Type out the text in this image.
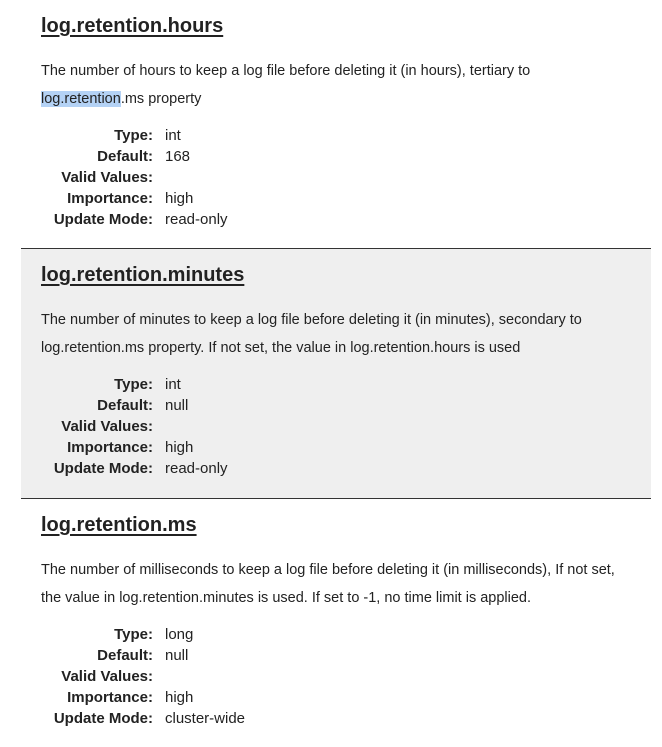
log.retention.hours

The number of hours to keep a log file before deleting it (in hours), tertiary to log.retention.ms property

Type:	int
Default:	168
Valid Values:	
Importance:	high
Update Mode:	read-only
log.retention.minutes

The number of minutes to keep a log file before deleting it (in minutes), secondary to log.retention.ms property. If not set, the value in log.retention.hours is used

Type:	int
Default:	null
Valid Values:	
Importance:	high
Update Mode:	read-only
log.retention.ms

The number of milliseconds to keep a log file before deleting it (in milliseconds), If not set, the value in log.retention.minutes is used. If set to -1, no time limit is applied.

Type:	long
Default:	null
Valid Values:	
Importance:	high
Update Mode:	cluster-wide
